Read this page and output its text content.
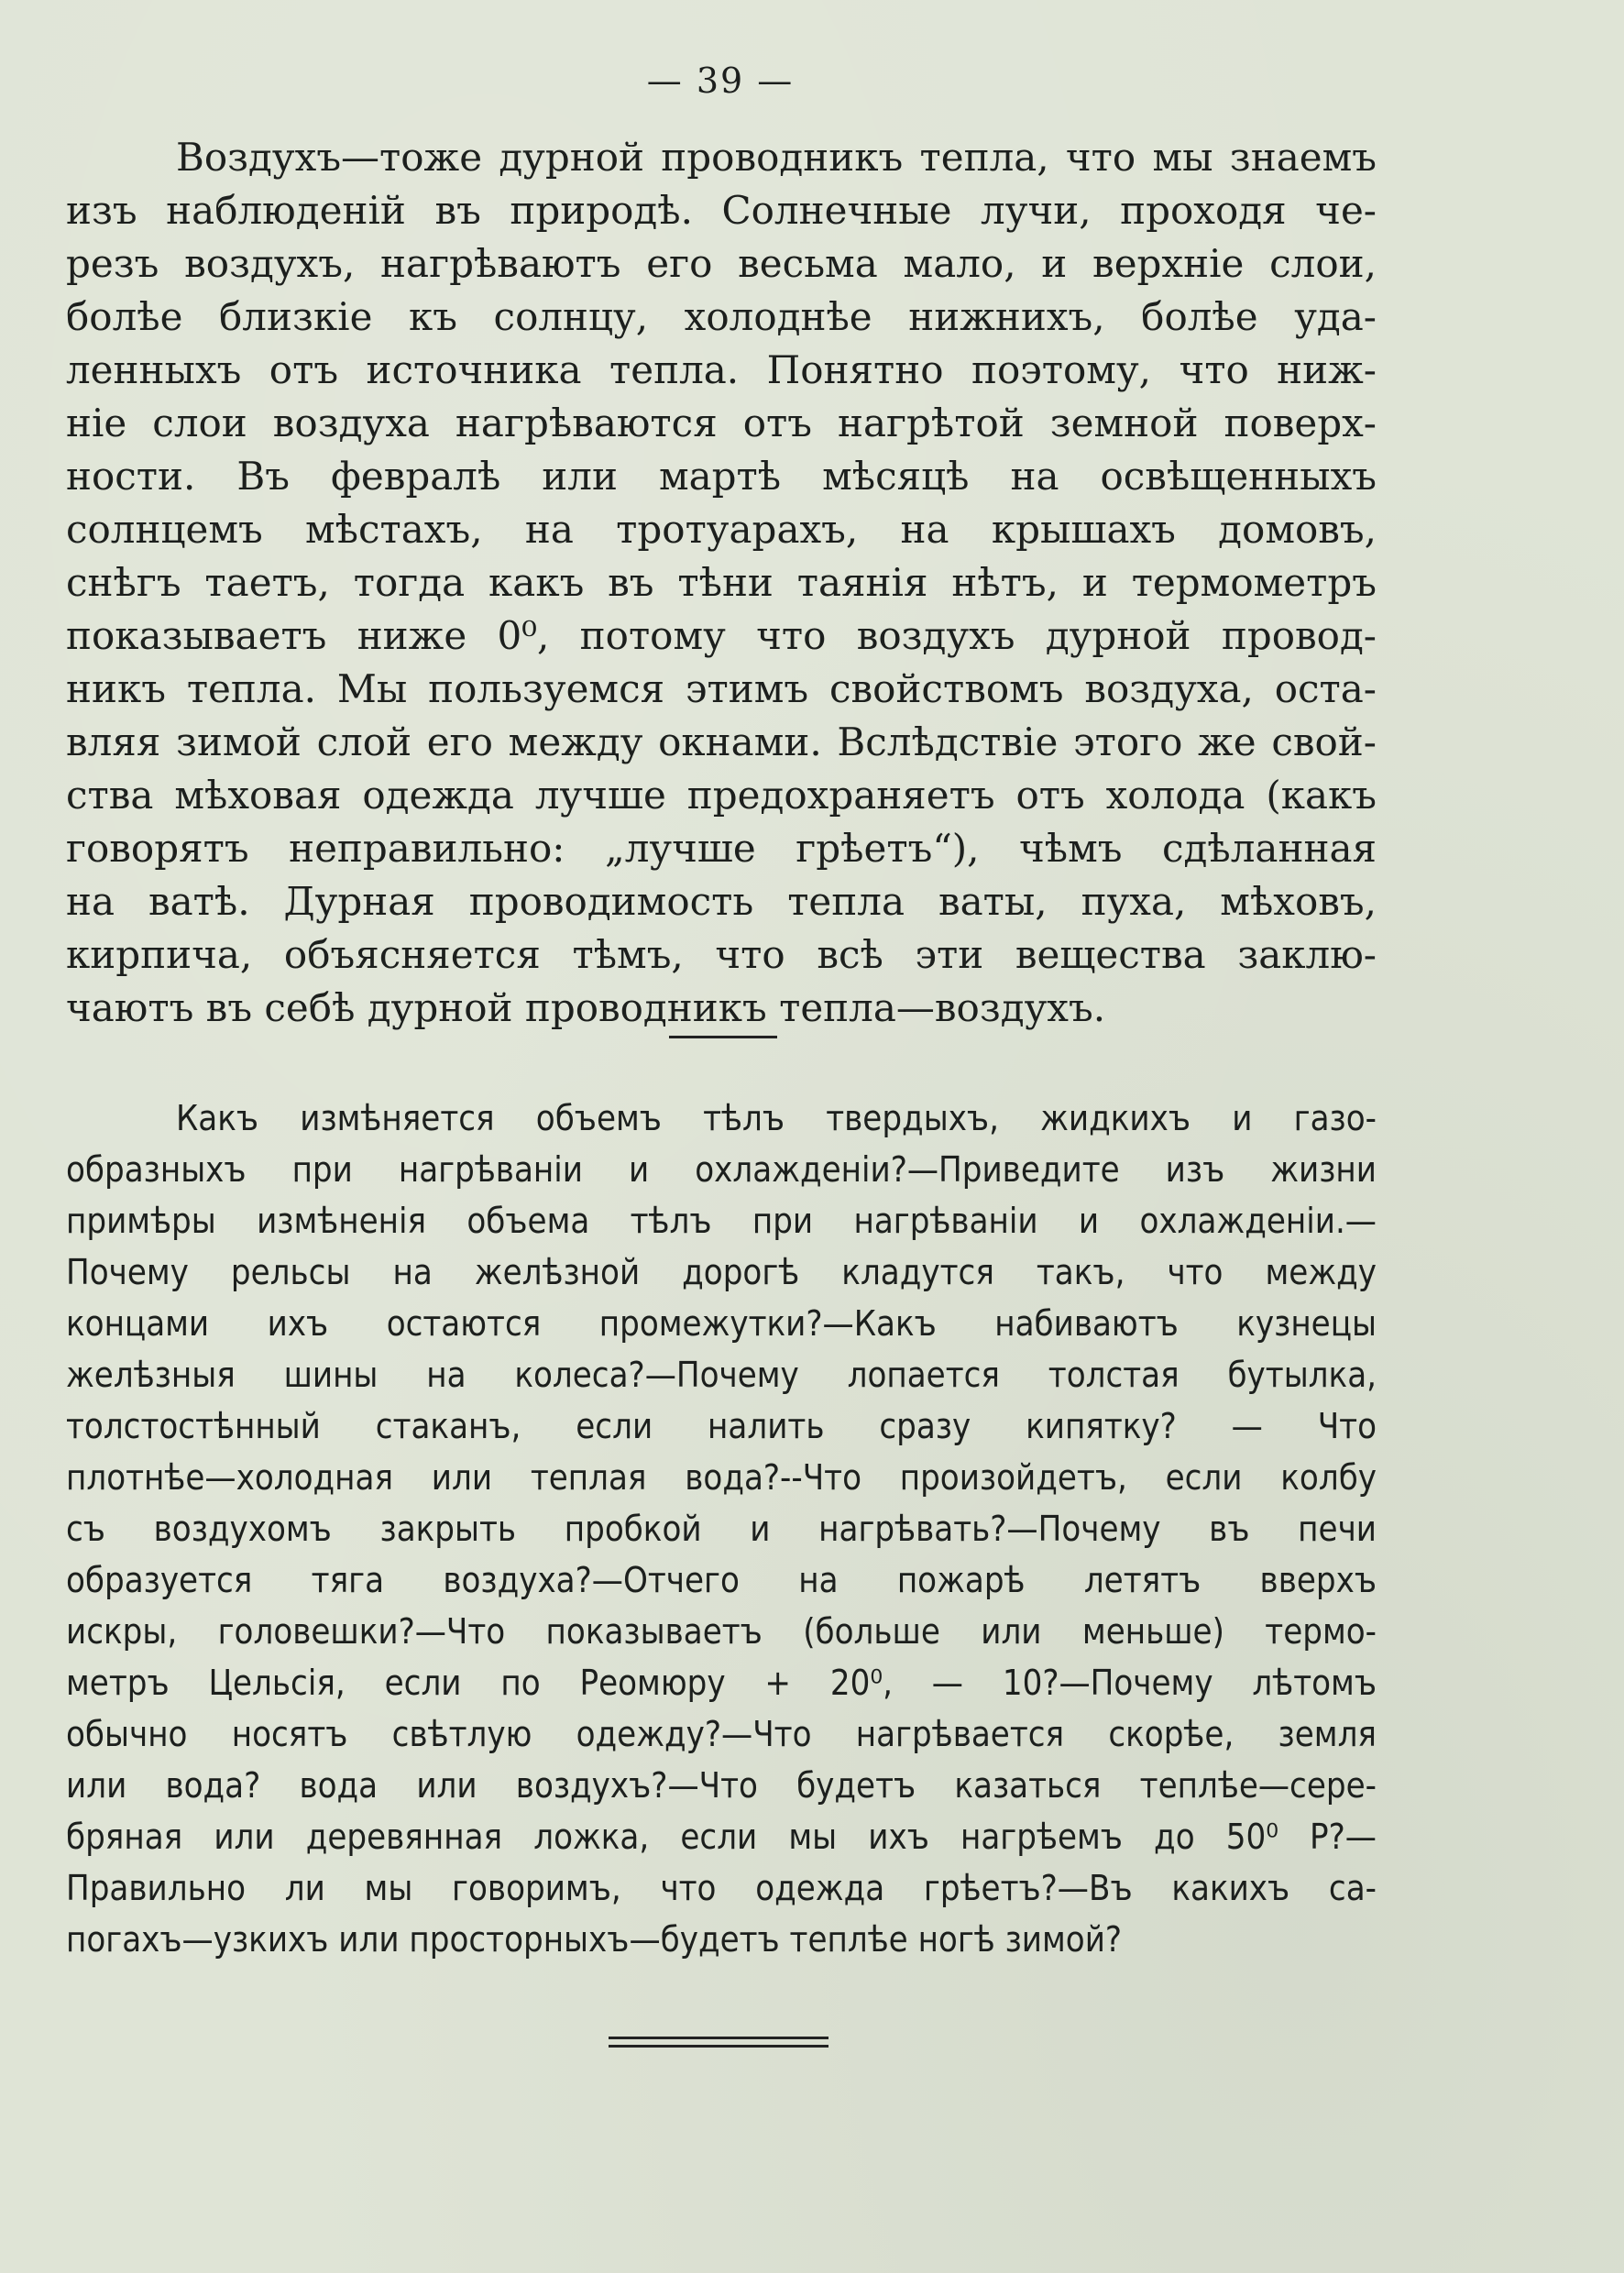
— 39 —
Воздухъ—тоже дурной проводникъ тепла, что мы знаемъ
изъ наблюденій въ природѣ. Солнечные лучи, проходя че-
резъ воздухъ, нагрѣваютъ его весьма мало, и верхніе слои,
болѣе близкіе къ солнцу, холоднѣе нижнихъ, болѣе уда-
ленныхъ отъ источника тепла. Понятно поэтому, что ниж-
ніе слои воздуха нагрѣваются отъ нагрѣтой земной поверх-
ности. Въ февралѣ или мартѣ мѣсяцѣ на освѣщенныхъ
солнцемъ мѣстахъ, на тротуарахъ, на крышахъ домовъ,
снѣгъ таетъ, тогда какъ въ тѣни таянія нѣтъ, и термометръ
показываетъ ниже 0⁰, потому что воздухъ дурной провод-
никъ тепла. Мы пользуемся этимъ свойствомъ воздуха, оста-
вляя зимой слой его между окнами. Вслѣдствіе этого же свой-
ства мѣховая одежда лучше предохраняетъ отъ холода (какъ
говорятъ неправильно: „лучше грѣетъ“), чѣмъ сдѣланная
на ватѣ. Дурная проводимость тепла ваты, пуха, мѣховъ,
кирпича, объясняется тѣмъ, что всѣ эти вещества заклю-
чаютъ въ себѣ дурной проводникъ тепла—воздухъ.
Какъ измѣняется объемъ тѣлъ твердыхъ, жидкихъ и газо-
образныхъ при нагрѣваніи и охлажденіи?—Приведите изъ жизни
примѣры измѣненія объема тѣлъ при нагрѣваніи и охлажденіи.—
Почему рельсы на желѣзной дорогѣ кладутся такъ, что между
концами ихъ остаются промежутки?—Какъ набиваютъ кузнецы
желѣзныя шины на колеса?—Почему лопается толстая бутылка,
толстостѣнный стаканъ, если налить сразу кипятку? — Что
плотнѣе—холодная или теплая вода?--Что произойдетъ, если колбу
съ воздухомъ закрыть пробкой и нагрѣвать?—Почему въ печи
образуется тяга воздуха?—Отчего на пожарѣ летятъ вверхъ
искры, головешки?—Что показываетъ (больше или меньше) термо-
метръ Цельсія, если по Реомюру + 20⁰, — 10?—Почему лѣтомъ
обычно носятъ свѣтлую одежду?—Что нагрѣвается скорѣе, земля
или вода? вода или воздухъ?—Что будетъ казаться теплѣе—сере-
бряная или деревянная ложка, если мы ихъ нагрѣемъ до 50⁰ Р?—
Правильно ли мы говоримъ, что одежда грѣетъ?—Въ какихъ са-
погахъ—узкихъ или просторныхъ—будетъ теплѣе ногѣ зимой?
